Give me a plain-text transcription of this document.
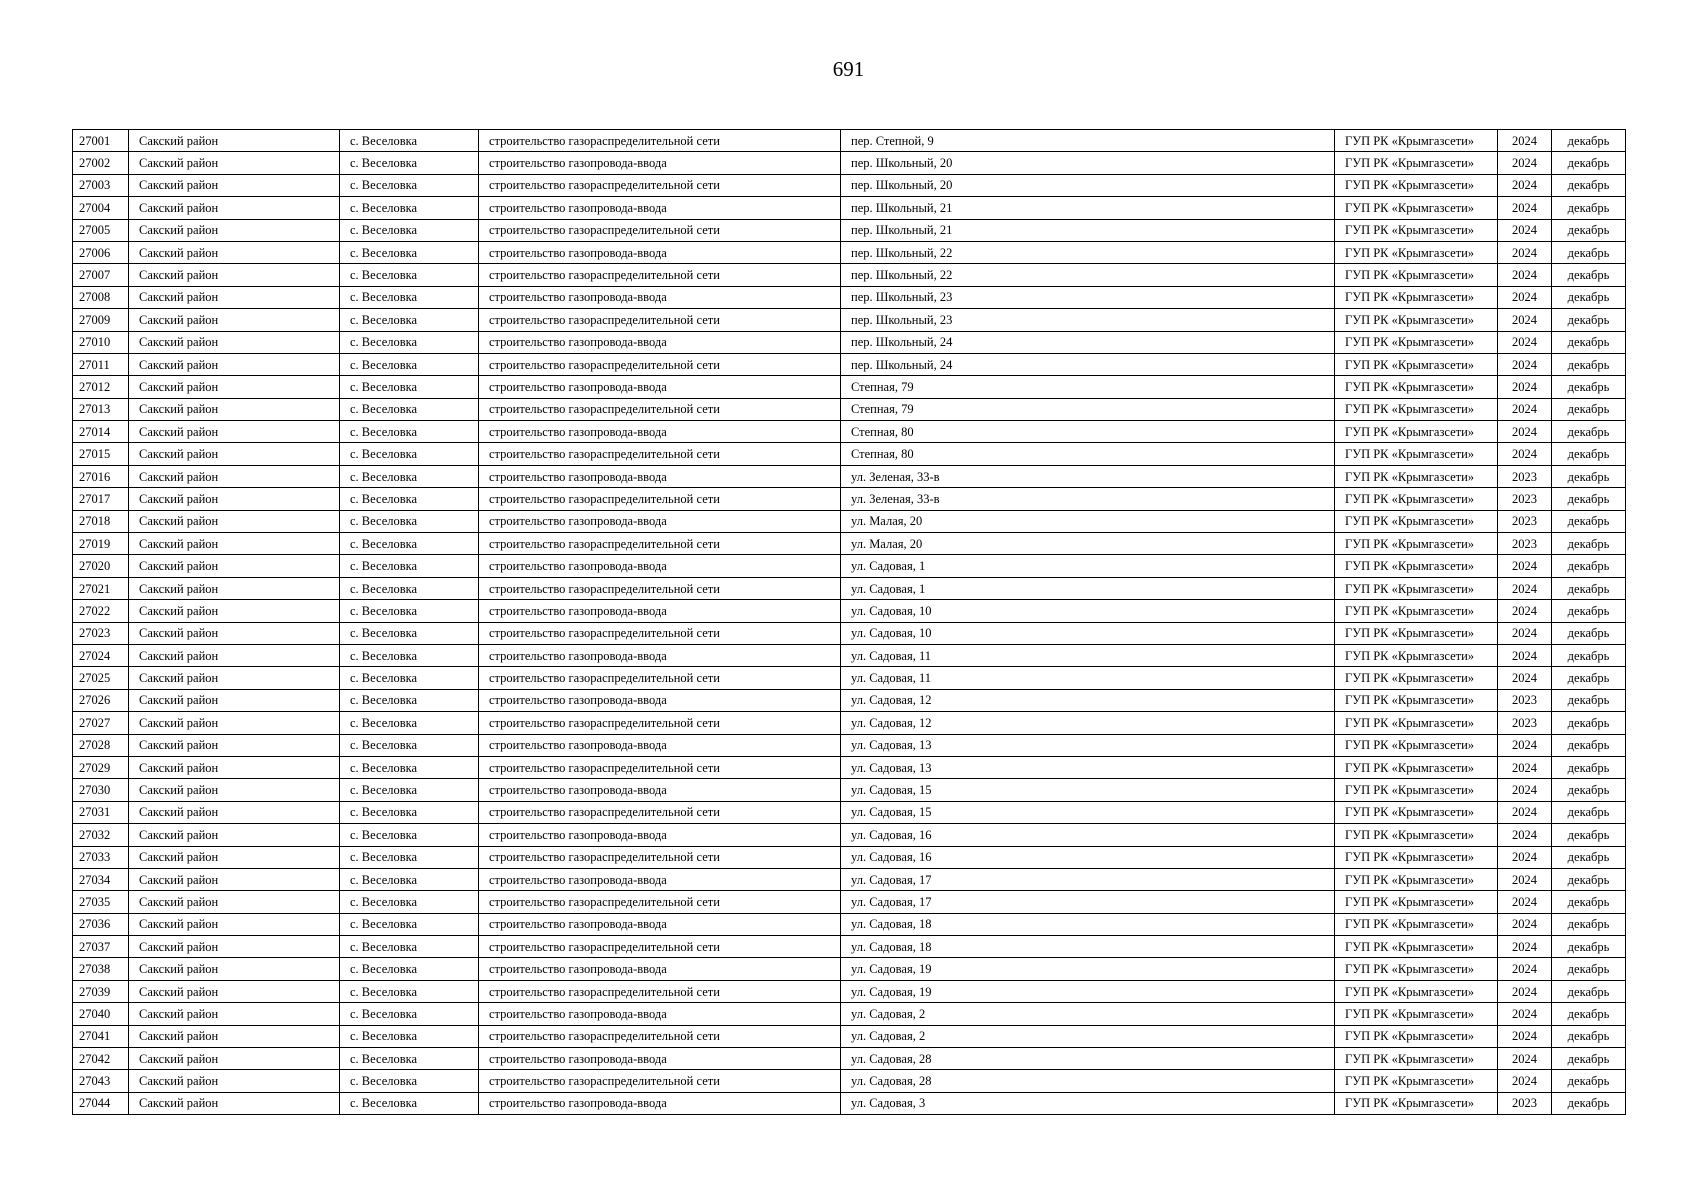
691
27001	Сакский район	с. Веселовка	строительство газораспределительной сети	пер. Степной, 9	ГУП РК «Крымгазсети»	2024	декабрь
27002	Сакский район	с. Веселовка	строительство газопровода-ввода	пер. Школьный, 20	ГУП РК «Крымгазсети»	2024	декабрь
27003	Сакский район	с. Веселовка	строительство газораспределительной сети	пер. Школьный, 20	ГУП РК «Крымгазсети»	2024	декабрь
27004	Сакский район	с. Веселовка	строительство газопровода-ввода	пер. Школьный, 21	ГУП РК «Крымгазсети»	2024	декабрь
27005	Сакский район	с. Веселовка	строительство газораспределительной сети	пер. Школьный, 21	ГУП РК «Крымгазсети»	2024	декабрь
27006	Сакский район	с. Веселовка	строительство газопровода-ввода	пер. Школьный, 22	ГУП РК «Крымгазсети»	2024	декабрь
27007	Сакский район	с. Веселовка	строительство газораспределительной сети	пер. Школьный, 22	ГУП РК «Крымгазсети»	2024	декабрь
27008	Сакский район	с. Веселовка	строительство газопровода-ввода	пер. Школьный, 23	ГУП РК «Крымгазсети»	2024	декабрь
27009	Сакский район	с. Веселовка	строительство газораспределительной сети	пер. Школьный, 23	ГУП РК «Крымгазсети»	2024	декабрь
27010	Сакский район	с. Веселовка	строительство газопровода-ввода	пер. Школьный, 24	ГУП РК «Крымгазсети»	2024	декабрь
27011	Сакский район	с. Веселовка	строительство газораспределительной сети	пер. Школьный, 24	ГУП РК «Крымгазсети»	2024	декабрь
27012	Сакский район	с. Веселовка	строительство газопровода-ввода	Степная, 79	ГУП РК «Крымгазсети»	2024	декабрь
27013	Сакский район	с. Веселовка	строительство газораспределительной сети	Степная, 79	ГУП РК «Крымгазсети»	2024	декабрь
27014	Сакский район	с. Веселовка	строительство газопровода-ввода	Степная, 80	ГУП РК «Крымгазсети»	2024	декабрь
27015	Сакский район	с. Веселовка	строительство газораспределительной сети	Степная, 80	ГУП РК «Крымгазсети»	2024	декабрь
27016	Сакский район	с. Веселовка	строительство газопровода-ввода	ул. Зеленая, 33-в	ГУП РК «Крымгазсети»	2023	декабрь
27017	Сакский район	с. Веселовка	строительство газораспределительной сети	ул. Зеленая, 33-в	ГУП РК «Крымгазсети»	2023	декабрь
27018	Сакский район	с. Веселовка	строительство газопровода-ввода	ул. Малая, 20	ГУП РК «Крымгазсети»	2023	декабрь
27019	Сакский район	с. Веселовка	строительство газораспределительной сети	ул. Малая, 20	ГУП РК «Крымгазсети»	2023	декабрь
27020	Сакский район	с. Веселовка	строительство газопровода-ввода	ул. Садовая, 1	ГУП РК «Крымгазсети»	2024	декабрь
27021	Сакский район	с. Веселовка	строительство газораспределительной сети	ул. Садовая, 1	ГУП РК «Крымгазсети»	2024	декабрь
27022	Сакский район	с. Веселовка	строительство газопровода-ввода	ул. Садовая, 10	ГУП РК «Крымгазсети»	2024	декабрь
27023	Сакский район	с. Веселовка	строительство газораспределительной сети	ул. Садовая, 10	ГУП РК «Крымгазсети»	2024	декабрь
27024	Сакский район	с. Веселовка	строительство газопровода-ввода	ул. Садовая, 11	ГУП РК «Крымгазсети»	2024	декабрь
27025	Сакский район	с. Веселовка	строительство газораспределительной сети	ул. Садовая, 11	ГУП РК «Крымгазсети»	2024	декабрь
27026	Сакский район	с. Веселовка	строительство газопровода-ввода	ул. Садовая, 12	ГУП РК «Крымгазсети»	2023	декабрь
27027	Сакский район	с. Веселовка	строительство газораспределительной сети	ул. Садовая, 12	ГУП РК «Крымгазсети»	2023	декабрь
27028	Сакский район	с. Веселовка	строительство газопровода-ввода	ул. Садовая, 13	ГУП РК «Крымгазсети»	2024	декабрь
27029	Сакский район	с. Веселовка	строительство газораспределительной сети	ул. Садовая, 13	ГУП РК «Крымгазсети»	2024	декабрь
27030	Сакский район	с. Веселовка	строительство газопровода-ввода	ул. Садовая, 15	ГУП РК «Крымгазсети»	2024	декабрь
27031	Сакский район	с. Веселовка	строительство газораспределительной сети	ул. Садовая, 15	ГУП РК «Крымгазсети»	2024	декабрь
27032	Сакский район	с. Веселовка	строительство газопровода-ввода	ул. Садовая, 16	ГУП РК «Крымгазсети»	2024	декабрь
27033	Сакский район	с. Веселовка	строительство газораспределительной сети	ул. Садовая, 16	ГУП РК «Крымгазсети»	2024	декабрь
27034	Сакский район	с. Веселовка	строительство газопровода-ввода	ул. Садовая, 17	ГУП РК «Крымгазсети»	2024	декабрь
27035	Сакский район	с. Веселовка	строительство газораспределительной сети	ул. Садовая, 17	ГУП РК «Крымгазсети»	2024	декабрь
27036	Сакский район	с. Веселовка	строительство газопровода-ввода	ул. Садовая, 18	ГУП РК «Крымгазсети»	2024	декабрь
27037	Сакский район	с. Веселовка	строительство газораспределительной сети	ул. Садовая, 18	ГУП РК «Крымгазсети»	2024	декабрь
27038	Сакский район	с. Веселовка	строительство газопровода-ввода	ул. Садовая, 19	ГУП РК «Крымгазсети»	2024	декабрь
27039	Сакский район	с. Веселовка	строительство газораспределительной сети	ул. Садовая, 19	ГУП РК «Крымгазсети»	2024	декабрь
27040	Сакский район	с. Веселовка	строительство газопровода-ввода	ул. Садовая, 2	ГУП РК «Крымгазсети»	2024	декабрь
27041	Сакский район	с. Веселовка	строительство газораспределительной сети	ул. Садовая, 2	ГУП РК «Крымгазсети»	2024	декабрь
27042	Сакский район	с. Веселовка	строительство газопровода-ввода	ул. Садовая, 28	ГУП РК «Крымгазсети»	2024	декабрь
27043	Сакский район	с. Веселовка	строительство газораспределительной сети	ул. Садовая, 28	ГУП РК «Крымгазсети»	2024	декабрь
27044	Сакский район	с. Веселовка	строительство газопровода-ввода	ул. Садовая, 3	ГУП РК «Крымгазсети»	2023	декабрь
